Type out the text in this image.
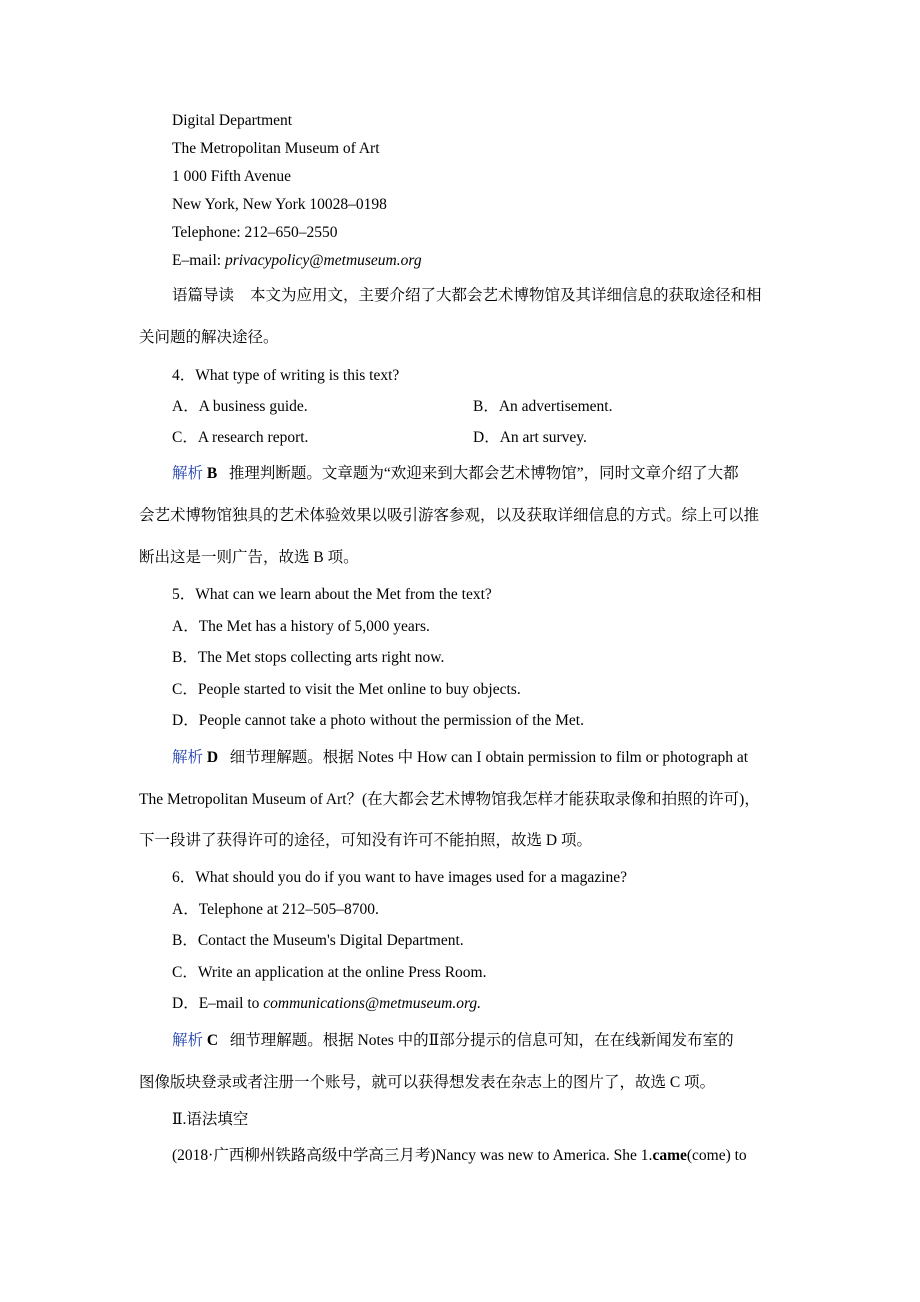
Digital Department
The Metropolitan Museum of Art
1 000 Fifth Avenue
New York, New York 10028–0198
Telephone: 212–650–2550
E–mail: privacypolicy@metmuseum.org
语篇导读 本文为应用文，主要介绍了大都会艺术博物馆及其详细信息的获取途径和相
关问题的解决途径。
4．What type of writing is this text?
A．A business guide.	B．An advertisement.
C．A research report.	D．An art survey.
解析 B 推理判断题。文章题为“欢迎来到大都会艺术博物馆”，同时文章介绍了大都
会艺术博物馆独具的艺术体验效果以吸引游客参观，以及获取详细信息的方式。综上可以推
断出这是一则广告，故选 B 项。
5．What can we learn about the Met from the text?
A．The Met has a history of 5,000 years.
B．The Met stops collecting arts right now.
C．People started to visit the Met online to buy objects.
D．People cannot take a photo without the permission of the Met.
解析 D 细节理解题。根据 Notes 中 How can I obtain permission to film or photograph at
The Metropolitan Museum of Art？(在大都会艺术博物馆我怎样才能获取录像和拍照的许可)，
下一段讲了获得许可的途径，可知没有许可不能拍照，故选 D 项。
6．What should you do if you want to have images used for a magazine?
A．Telephone at 212–505–8700.
B．Contact the Museum's Digital Department.
C．Write an application at the online Press Room.
D．E–mail to communications@metmuseum.org.
解析 C 细节理解题。根据 Notes 中的Ⅱ部分提示的信息可知，在在线新闻发布室的
图像版块登录或者注册一个账号，就可以获得想发表在杂志上的图片了，故选 C 项。
Ⅱ.语法填空
(2018·广西柳州铁路高级中学高三月考)Nancy was new to America. She 1.came(come) to
